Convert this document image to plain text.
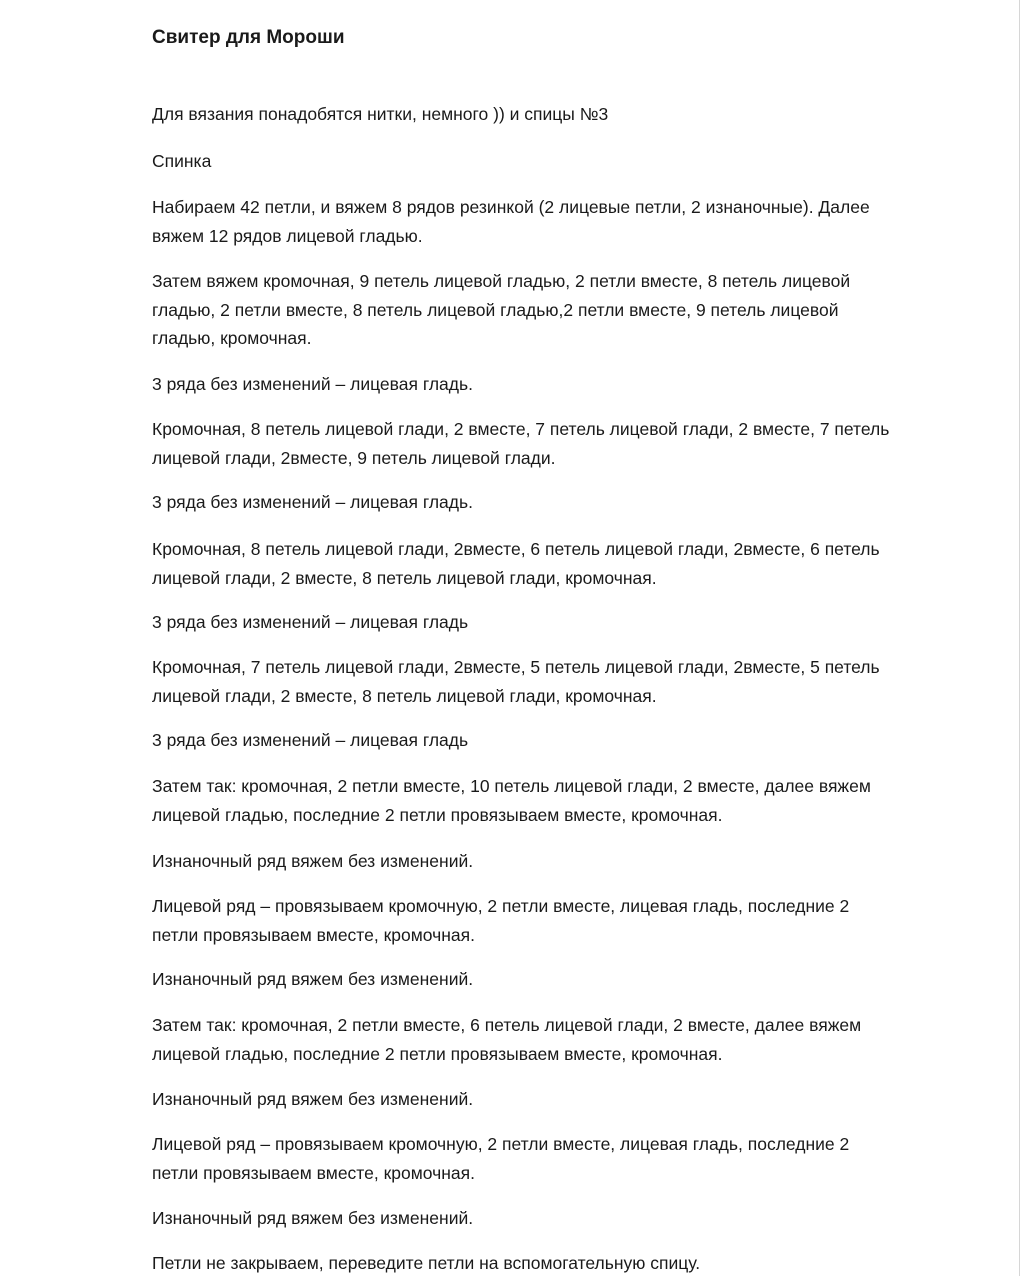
Свитер для Мороши
Для вязания понадобятся нитки, немного )) и спицы №3
Спинка
Набираем 42 петли, и вяжем 8 рядов резинкой (2 лицевые петли, 2 изнаночные). Далее
вяжем 12 рядов лицевой гладью.
Затем вяжем кромочная, 9 петель лицевой гладью, 2 петли вместе, 8 петель лицевой
гладью, 2 петли вместе, 8 петель лицевой гладью,2 петли вместе, 9 петель лицевой
гладью, кромочная.
3 ряда без изменений – лицевая гладь.
Кромочная, 8 петель лицевой глади, 2 вместе, 7 петель лицевой глади, 2 вместе, 7 петель
лицевой глади, 2вместе, 9 петель лицевой глади.
3 ряда без изменений – лицевая гладь.
Кромочная, 8 петель лицевой глади, 2вместе, 6 петель лицевой глади, 2вместе, 6 петель
лицевой глади, 2 вместе, 8 петель лицевой глади, кромочная.
3 ряда без изменений – лицевая гладь
Кромочная, 7 петель лицевой глади, 2вместе, 5 петель лицевой глади, 2вместе, 5 петель
лицевой глади, 2 вместе, 8 петель лицевой глади, кромочная.
3 ряда без изменений – лицевая гладь
Затем так: кромочная, 2 петли вместе, 10 петель лицевой глади, 2 вместе, далее вяжем
лицевой гладью, последние 2 петли провязываем вместе, кромочная.
Изнаночный ряд вяжем без изменений.
Лицевой ряд – провязываем кромочную, 2 петли вместе, лицевая гладь, последние 2
петли провязываем вместе, кромочная.
Изнаночный ряд вяжем без изменений.
Затем так: кромочная, 2 петли вместе, 6 петель лицевой глади, 2 вместе, далее вяжем
лицевой гладью, последние 2 петли провязываем вместе, кромочная.
Изнаночный ряд вяжем без изменений.
Лицевой ряд – провязываем кромочную, 2 петли вместе, лицевая гладь, последние 2
петли провязываем вместе, кромочная.
Изнаночный ряд вяжем без изменений.
Петли не закрываем, переведите петли на вспомогательную спицу.
